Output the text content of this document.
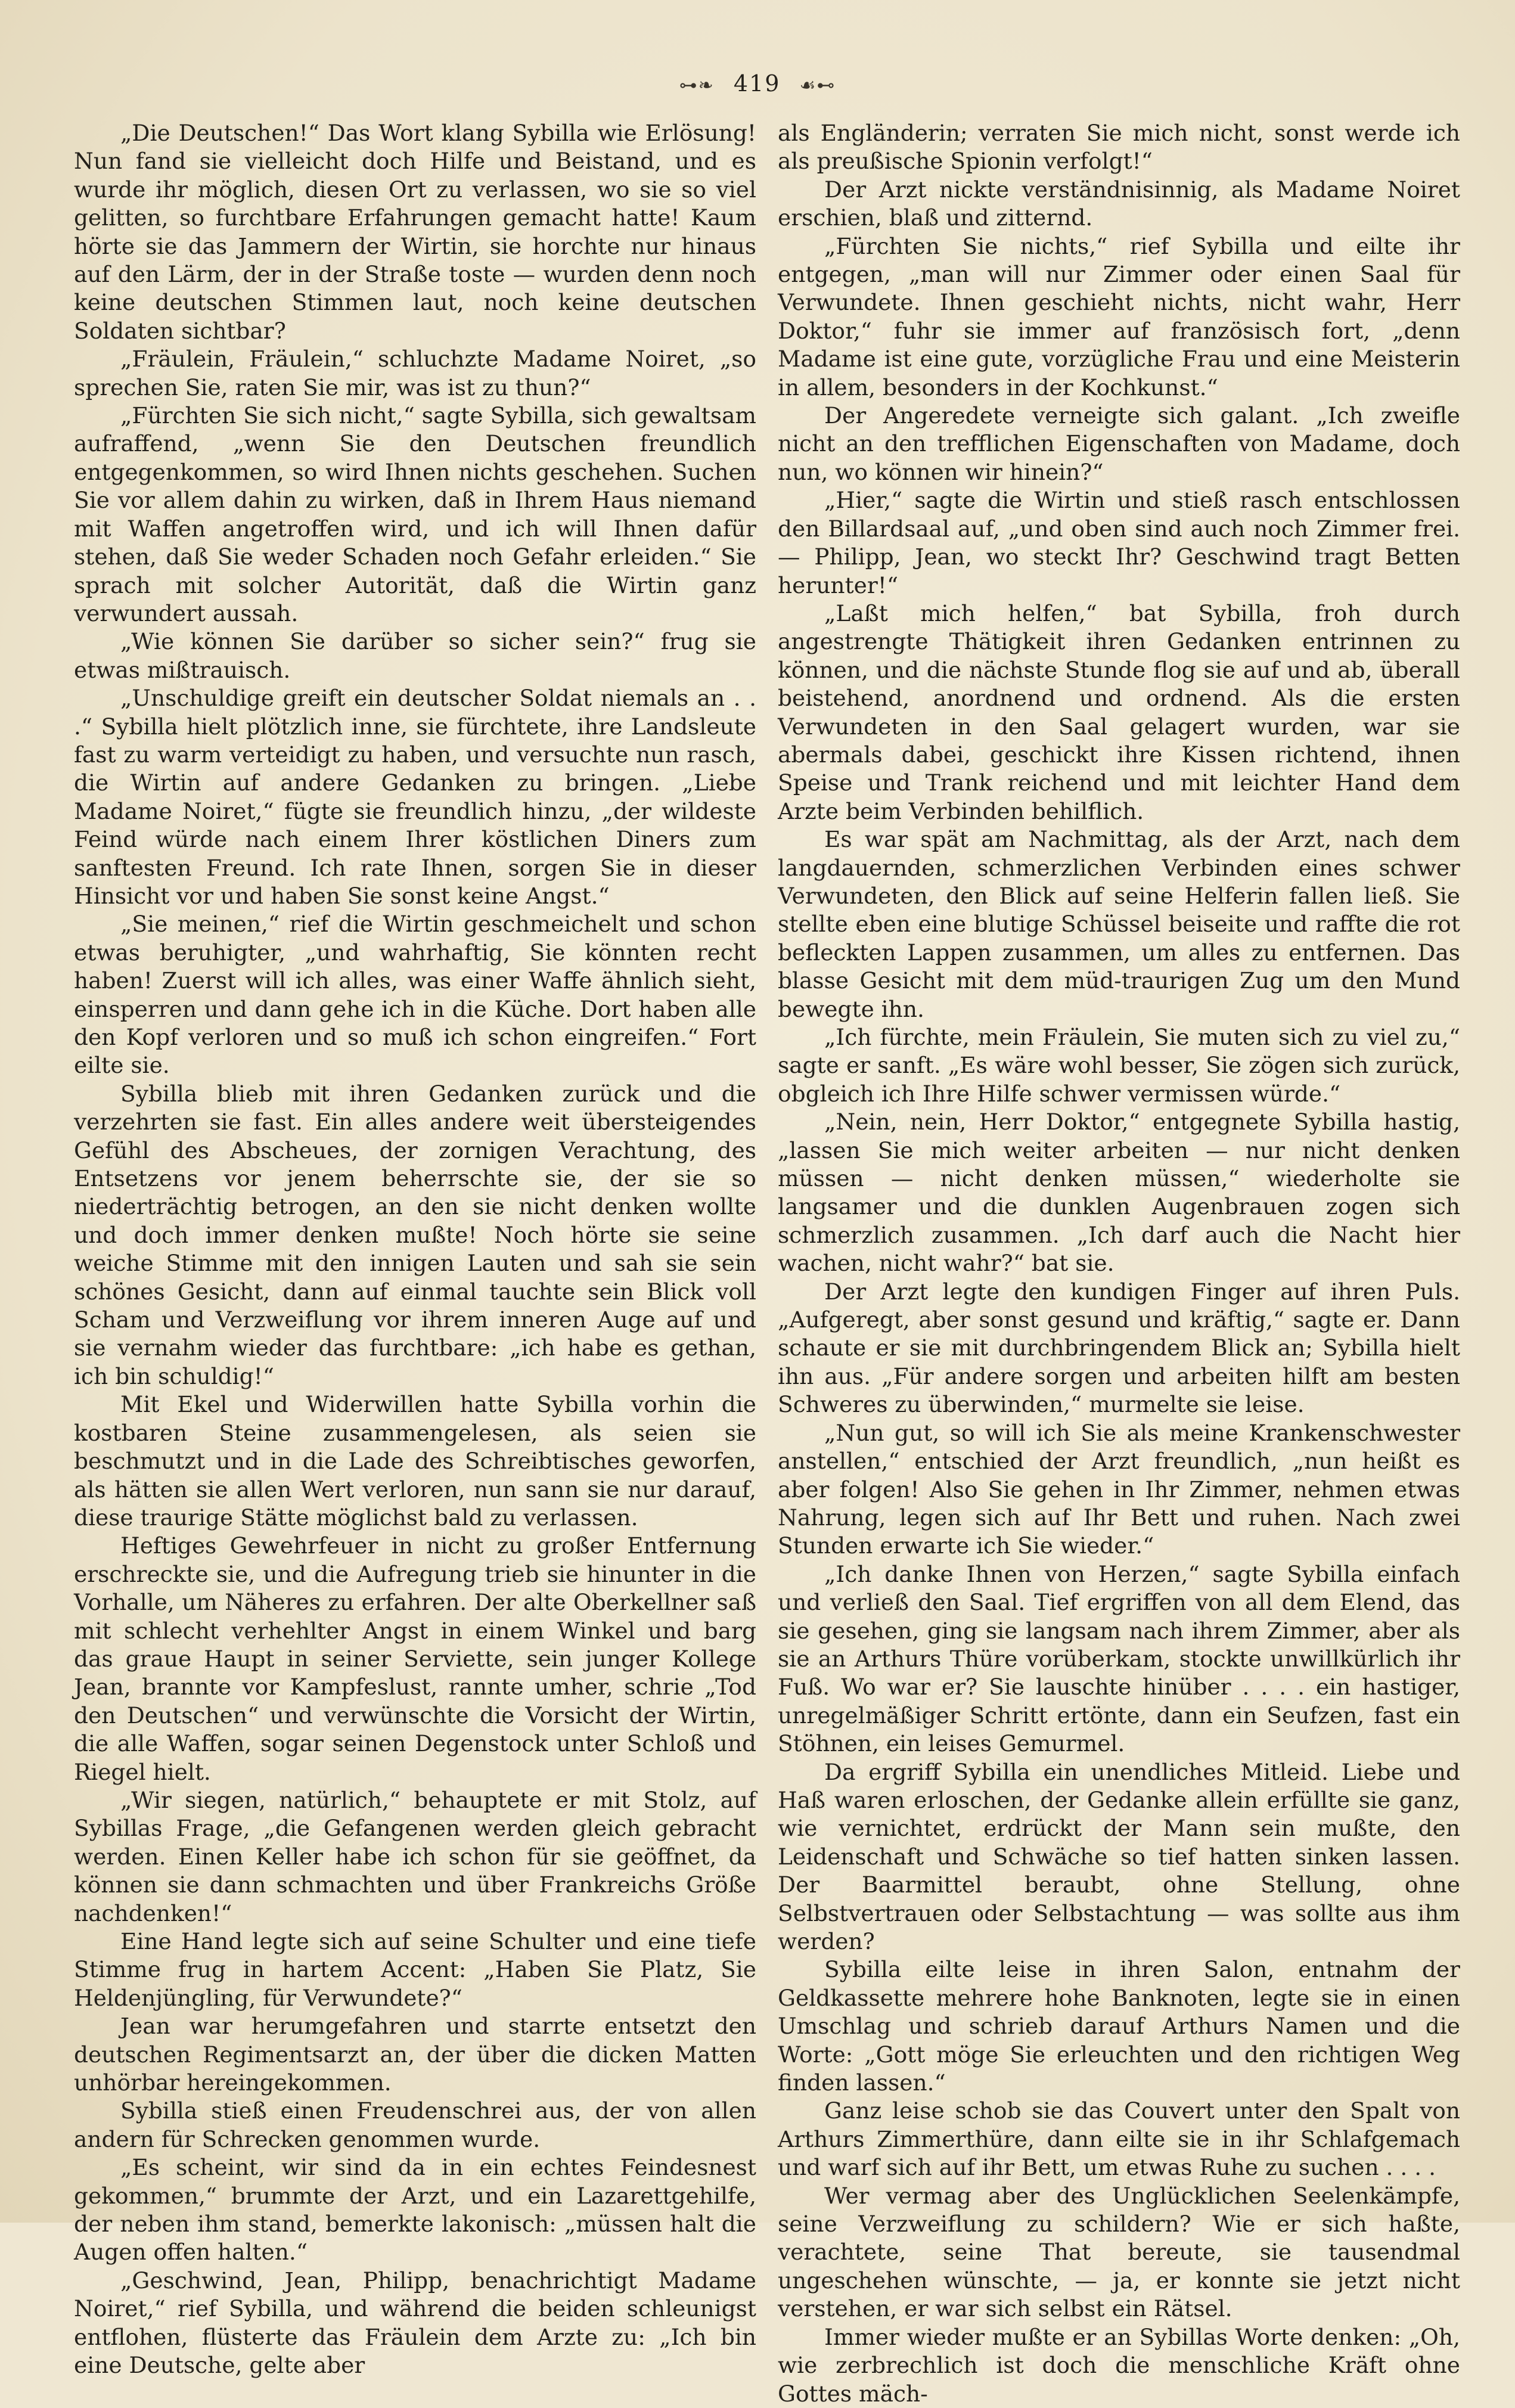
⊶❧ 419 ☙⊷

„Die Deutschen!“ Das Wort klang Sybilla wie Erlösung! Nun fand sie vielleicht doch Hilfe und Beistand, und es wurde ihr möglich, diesen Ort zu verlassen, wo sie so viel gelitten, so furchtbare Erfahrungen gemacht hatte! Kaum hörte sie das Jammern der Wirtin, sie horchte nur hinaus auf den Lärm, der in der Straße toste — wurden denn noch keine deutschen Stimmen laut, noch keine deutschen Soldaten sichtbar?

„Fräulein, Fräulein,“ schluchzte Madame Noiret, „so sprechen Sie, raten Sie mir, was ist zu thun?“

„Fürchten Sie sich nicht,“ sagte Sybilla, sich gewaltsam aufraffend, „wenn Sie den Deutschen freundlich entgegenkommen, so wird Ihnen nichts geschehen. Suchen Sie vor allem dahin zu wirken, daß in Ihrem Haus niemand mit Waffen angetroffen wird, und ich will Ihnen dafür stehen, daß Sie weder Schaden noch Gefahr erleiden.“ Sie sprach mit solcher Autorität, daß die Wirtin ganz verwundert aussah.

„Wie können Sie darüber so sicher sein?“ frug sie etwas mißtrauisch.

„Unschuldige greift ein deutscher Soldat niemals an . . .“ Sybilla hielt plötzlich inne, sie fürchtete, ihre Landsleute fast zu warm verteidigt zu haben, und versuchte nun rasch, die Wirtin auf andere Gedanken zu bringen. „Liebe Madame Noiret,“ fügte sie freundlich hinzu, „der wildeste Feind würde nach einem Ihrer köstlichen Diners zum sanftesten Freund. Ich rate Ihnen, sorgen Sie in dieser Hinsicht vor und haben Sie sonst keine Angst.“

„Sie meinen,“ rief die Wirtin geschmeichelt und schon etwas beruhigter, „und wahrhaftig, Sie könnten recht haben! Zuerst will ich alles, was einer Waffe ähnlich sieht, einsperren und dann gehe ich in die Küche. Dort haben alle den Kopf verloren und so muß ich schon eingreifen.“ Fort eilte sie.

Sybilla blieb mit ihren Gedanken zurück und die verzehrten sie fast. Ein alles andere weit übersteigendes Gefühl des Abscheues, der zornigen Verachtung, des Entsetzens vor jenem beherrschte sie, der sie so niederträchtig betrogen, an den sie nicht denken wollte und doch immer denken mußte! Noch hörte sie seine weiche Stimme mit den innigen Lauten und sah sie sein schönes Gesicht, dann auf einmal tauchte sein Blick voll Scham und Verzweiflung vor ihrem inneren Auge auf und sie vernahm wieder das furchtbare: „ich habe es gethan, ich bin schuldig!“

Mit Ekel und Widerwillen hatte Sybilla vorhin die kostbaren Steine zusammengelesen, als seien sie beschmutzt und in die Lade des Schreibtisches geworfen, als hätten sie allen Wert verloren, nun sann sie nur darauf, diese traurige Stätte möglichst bald zu verlassen.

Heftiges Gewehrfeuer in nicht zu großer Entfernung erschreckte sie, und die Aufregung trieb sie hinunter in die Vorhalle, um Näheres zu erfahren. Der alte Oberkellner saß mit schlecht verhehlter Angst in einem Winkel und barg das graue Haupt in seiner Serviette, sein junger Kollege Jean, brannte vor Kampfeslust, rannte umher, schrie „Tod den Deutschen“ und verwünschte die Vorsicht der Wirtin, die alle Waffen, sogar seinen Degenstock unter Schloß und Riegel hielt.

„Wir siegen, natürlich,“ behauptete er mit Stolz, auf Sybillas Frage, „die Gefangenen werden gleich gebracht werden. Einen Keller habe ich schon für sie geöffnet, da können sie dann schmachten und über Frankreichs Größe nachdenken!“

Eine Hand legte sich auf seine Schulter und eine tiefe Stimme frug in hartem Accent: „Haben Sie Platz, Sie Heldenjüngling, für Verwundete?“

Jean war herumgefahren und starrte entsetzt den deutschen Regimentsarzt an, der über die dicken Matten unhörbar hereingekommen.

Sybilla stieß einen Freudenschrei aus, der von allen andern für Schrecken genommen wurde.

„Es scheint, wir sind da in ein echtes Feindesnest gekommen,“ brummte der Arzt, und ein Lazarettgehilfe, der neben ihm stand, bemerkte lakonisch: „müssen halt die Augen offen halten.“

„Geschwind, Jean, Philipp, benachrichtigt Madame Noiret,“ rief Sybilla, und während die beiden schleunigst entflohen, flüsterte das Fräulein dem Arzte zu: „Ich bin eine Deutsche, gelte aber

als Engländerin; verraten Sie mich nicht, sonst werde ich als preußische Spionin verfolgt!“

Der Arzt nickte verständnisinnig, als Madame Noiret erschien, blaß und zitternd.

„Fürchten Sie nichts,“ rief Sybilla und eilte ihr entgegen, „man will nur Zimmer oder einen Saal für Verwundete. Ihnen geschieht nichts, nicht wahr, Herr Doktor,“ fuhr sie immer auf französisch fort, „denn Madame ist eine gute, vorzügliche Frau und eine Meisterin in allem, besonders in der Kochkunst.“

Der Angeredete verneigte sich galant. „Ich zweifle nicht an den trefflichen Eigenschaften von Madame, doch nun, wo können wir hinein?“

„Hier,“ sagte die Wirtin und stieß rasch entschlossen den Billardsaal auf, „und oben sind auch noch Zimmer frei. — Philipp, Jean, wo steckt Ihr? Geschwind tragt Betten herunter!“

„Laßt mich helfen,“ bat Sybilla, froh durch angestrengte Thätigkeit ihren Gedanken entrinnen zu können, und die nächste Stunde flog sie auf und ab, überall beistehend, anordnend und ordnend. Als die ersten Verwundeten in den Saal gelagert wurden, war sie abermals dabei, geschickt ihre Kissen richtend, ihnen Speise und Trank reichend und mit leichter Hand dem Arzte beim Verbinden behilflich.

Es war spät am Nachmittag, als der Arzt, nach dem langdauernden, schmerzlichen Verbinden eines schwer Verwundeten, den Blick auf seine Helferin fallen ließ. Sie stellte eben eine blutige Schüssel beiseite und raffte die rot befleckten Lappen zusammen, um alles zu entfernen. Das blasse Gesicht mit dem müd-traurigen Zug um den Mund bewegte ihn.

„Ich fürchte, mein Fräulein, Sie muten sich zu viel zu,“ sagte er sanft. „Es wäre wohl besser, Sie zögen sich zurück, obgleich ich Ihre Hilfe schwer vermissen würde.“

„Nein, nein, Herr Doktor,“ entgegnete Sybilla hastig, „lassen Sie mich weiter arbeiten — nur nicht denken müssen — nicht denken müssen,“ wiederholte sie langsamer und die dunklen Augenbrauen zogen sich schmerzlich zusammen. „Ich darf auch die Nacht hier wachen, nicht wahr?“ bat sie.

Der Arzt legte den kundigen Finger auf ihren Puls. „Aufgeregt, aber sonst gesund und kräftig,“ sagte er. Dann schaute er sie mit durchbringendem Blick an; Sybilla hielt ihn aus. „Für andere sorgen und arbeiten hilft am besten Schweres zu überwinden,“ murmelte sie leise.

„Nun gut, so will ich Sie als meine Krankenschwester anstellen,“ entschied der Arzt freundlich, „nun heißt es aber folgen! Also Sie gehen in Ihr Zimmer, nehmen etwas Nahrung, legen sich auf Ihr Bett und ruhen. Nach zwei Stunden erwarte ich Sie wieder.“

„Ich danke Ihnen von Herzen,“ sagte Sybilla einfach und verließ den Saal. Tief ergriffen von all dem Elend, das sie gesehen, ging sie langsam nach ihrem Zimmer, aber als sie an Arthurs Thüre vorüberkam, stockte unwillkürlich ihr Fuß. Wo war er? Sie lauschte hinüber . . . . ein hastiger, unregelmäßiger Schritt ertönte, dann ein Seufzen, fast ein Stöhnen, ein leises Gemurmel.

Da ergriff Sybilla ein unendliches Mitleid. Liebe und Haß waren erloschen, der Gedanke allein erfüllte sie ganz, wie vernichtet, erdrückt der Mann sein mußte, den Leidenschaft und Schwäche so tief hatten sinken lassen. Der Baarmittel beraubt, ohne Stellung, ohne Selbstvertrauen oder Selbstachtung — was sollte aus ihm werden?

Sybilla eilte leise in ihren Salon, entnahm der Geldkassette mehrere hohe Banknoten, legte sie in einen Umschlag und schrieb darauf Arthurs Namen und die Worte: „Gott möge Sie erleuchten und den richtigen Weg finden lassen.“

Ganz leise schob sie das Couvert unter den Spalt von Arthurs Zimmerthüre, dann eilte sie in ihr Schlafgemach und warf sich auf ihr Bett, um etwas Ruhe zu suchen . . . .

Wer vermag aber des Unglücklichen Seelenkämpfe, seine Verzweiflung zu schildern? Wie er sich haßte, verachtete, seine That bereute, sie tausendmal ungeschehen wünschte, — ja, er konnte sie jetzt nicht verstehen, er war sich selbst ein Rätsel.

Immer wieder mußte er an Sybillas Worte denken: „Oh, wie zerbrechlich ist doch die menschliche Kräft ohne Gottes mäch-
